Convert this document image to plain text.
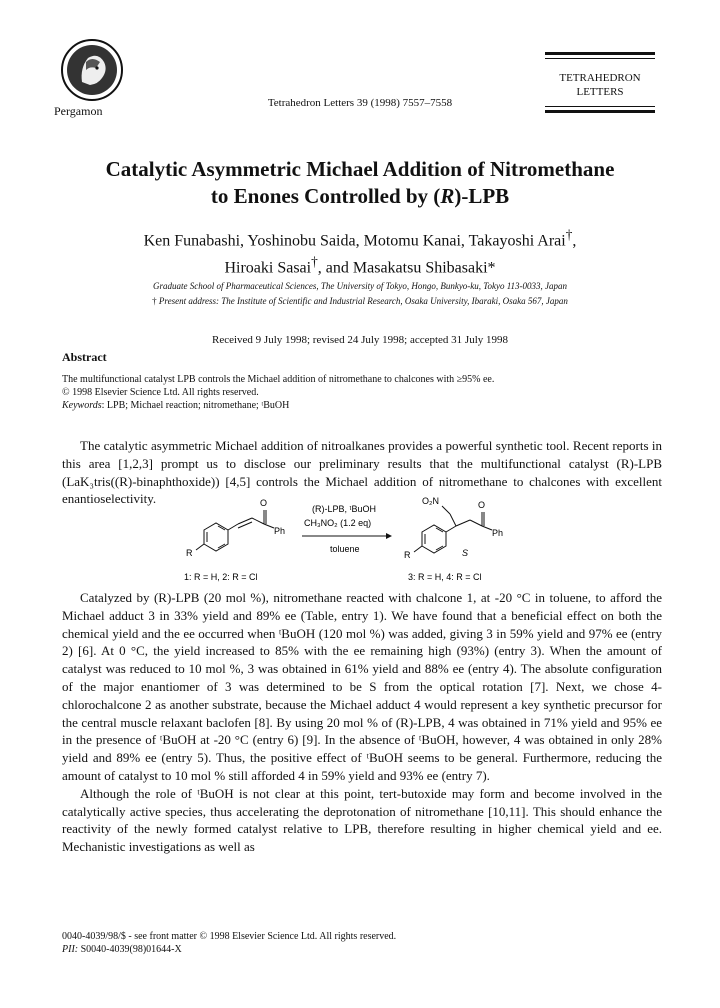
Pergamon
Tetrahedron Letters 39 (1998) 7557–7558
TETRAHEDRON
LETTERS
Catalytic Asymmetric Michael Addition of Nitromethane
to Enones Controlled by (R)-LPB
Ken Funabashi, Yoshinobu Saida, Motomu Kanai, Takayoshi Arai†,
Hiroaki Sasai†, and Masakatsu Shibasaki*
Graduate School of Pharmaceutical Sciences, The University of Tokyo, Hongo, Bunkyo-ku, Tokyo 113-0033, Japan
† Present address: The Institute of Scientific and Industrial Research, Osaka University, Ibaraki, Osaka 567, Japan
Received 9 July 1998; revised 24 July 1998; accepted 31 July 1998
Abstract
The multifunctional catalyst LPB controls the Michael addition of nitromethane to chalcones with ≥95% ee.
© 1998 Elsevier Science Ltd. All rights reserved.
Keywords: LPB; Michael reaction; nitromethane; ᵗBuOH
The catalytic asymmetric Michael addition of nitroalkanes provides a powerful synthetic tool. Recent reports in this area [1,2,3] prompt us to disclose our preliminary results that the multifunctional catalyst (R)-LPB (LaK₃tris((R)-binaphthoxide)) [4,5] controls the Michael addition of nitromethane to chalcones with excellent enantioselectivity.	O
Ph
R
1: R = H, 2: R = Cl
(R)-LPB, ᵗBuOH
CH₃NO₂ (1.2 eq)
toluene
O₂N	O
Ph
R	S
3: R = H, 4: R = Cl
Catalyzed by (R)-LPB (20 mol %), nitromethane reacted with chalcone 1, at -20 °C in toluene, to afford the Michael adduct 3 in 33% yield and 89% ee (Table, entry 1). We have found that a beneficial effect on both the chemical yield and the ee occurred when ᵗBuOH (120 mol %) was added, giving 3 in 59% yield and 97% ee (entry 2) [6]. At 0 °C, the yield increased to 85% with the ee remaining high (93%) (entry 3). When the amount of catalyst was reduced to 10 mol %, 3 was obtained in 61% yield and 88% ee (entry 4). The absolute configuration of the major enantiomer of 3 was determined to be S from the optical rotation [7]. Next, we chose 4-chlorochalcone 2 as another substrate, because the Michael adduct 4 would represent a key synthetic precursor for the central muscle relaxant baclofen [8]. By using 20 mol % of (R)-LPB, 4 was obtained in 71% yield and 95% ee in the presence of ᵗBuOH at -20 °C (entry 6) [9]. In the absence of ᵗBuOH, however, 4 was obtained in only 28% yield and 89% ee (entry 5). Thus, the positive effect of ᵗBuOH seems to be general. Furthermore, reducing the amount of catalyst to 10 mol % still afforded 4 in 59% yield and 93% ee (entry 7).
Although the role of ᵗBuOH is not clear at this point, tert-butoxide may form and become involved in the catalytically active species, thus accelerating the deprotonation of nitromethane [10,11]. This should enhance the reactivity of the newly formed catalyst relative to LPB, therefore resulting in higher chemical yield and ee. Mechanistic investigations as well as
0040-4039/98/$ - see front matter © 1998 Elsevier Science Ltd. All rights reserved.
PII: S0040-4039(98)01644-X
